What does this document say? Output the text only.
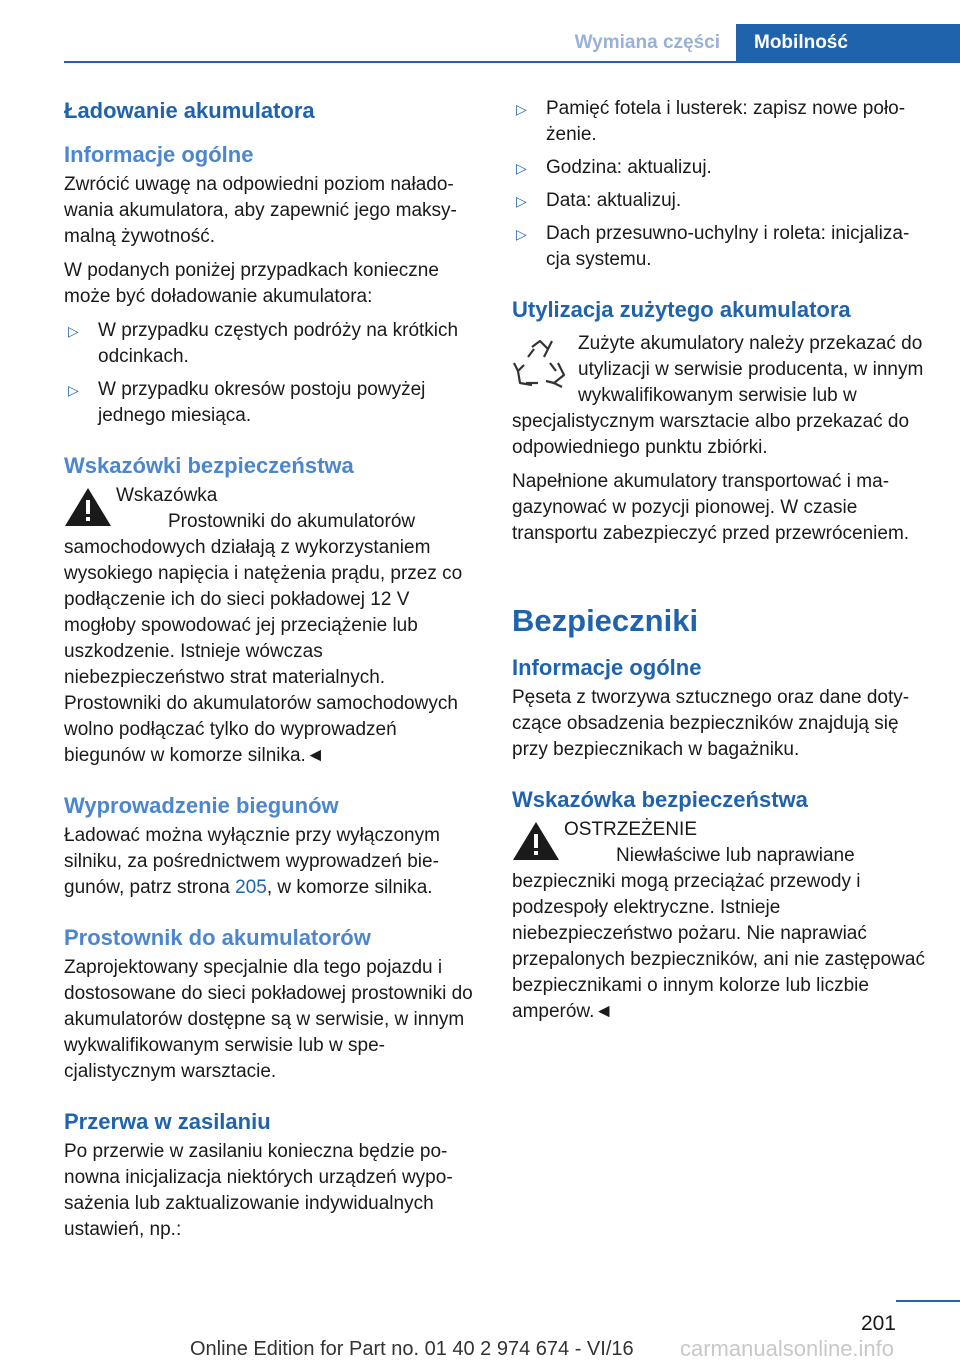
Wymiana części	Mobilność
Ładowanie akumulatora
Informacje ogólne

Zwrócić uwagę na odpowiedni poziom naładowania akumulatora, aby zapewnić jego maksymalną żywotność.

W podanych poniżej przypadkach konieczne może być doładowanie akumulatora:

▷ W przypadku częstych podróży na krótkich odcinkach.
▷ W przypadku okresów postoju powyżej jednego miesiąca.
Wskazówki bezpieczeństwa
Wskazówka

Prostowniki do akumulatorów samochodowych działają z wykorzystaniem wysokiego napięcia i natężenia prądu, przez co podłączenie ich do sieci pokładowej 12 V mogłoby spowodować jej przeciążenie lub uszkodzenie. Istnieje wówczas niebezpieczeństwo strat materialnych. Prostowniki do akumulatorów samochodowych wolno podłączać tylko do wyprowadzeń biegunów w komorze silnika.◄

Wyprowadzenie biegunów

Ładować można wyłącznie przy wyłączonym silniku, za pośrednictwem wyprowadzeń biegunów, patrz strona 205, w komorze silnika.

Prostownik do akumulatorów

Zaprojektowany specjalnie dla tego pojazdu i dostosowane do sieci pokładowej prostowniki do akumulatorów dostępne są w serwisie, w innym wykwalifikowanym serwisie lub w specjalistycznym warsztacie.

Przerwa w zasilaniu

Po przerwie w zasilaniu konieczna będzie ponowna inicjalizacja niektórych urządzeń wyposażenia lub zaktualizowanie indywidualnych ustawień, np.:

▷ Pamięć fotela i lusterek: zapisz nowe położenie.
▷ Godzina: aktualizuj.
▷ Data: aktualizuj.
▷ Dach przesuwno-uchylny i roleta: inicjalizacja systemu.
Utylizacja zużytego akumulatora

Zużyte akumulatory należy przekazać do utylizacji w serwisie producenta, w innym wykwalifikowanym serwisie lub w specjalistycznym warsztacie albo przekazać do odpowiedniego punktu zbiórki.

Napełnione akumulatory transportować i magazynować w pozycji pionowej. W czasie transportu zabezpieczyć przed przewróceniem.

Bezpieczniki
Informacje ogólne

Pęseta z tworzywa sztucznego oraz dane dotyczące obsadzenia bezpieczników znajdują się przy bezpiecznikach w bagażniku.

Wskazówka bezpieczeństwa
OSTRZEŻENIE

Niewłaściwe lub naprawiane bezpieczniki mogą przeciążać przewody i podzespoły elektryczne. Istnieje niebezpieczeństwo pożaru. Nie naprawiać przepalonych bezpieczników, ani nie zastępować bezpiecznikami o innym kolorze lub liczbie amperów.◄

201
Online Edition for Part no. 01 40 2 974 674 - VI/16	carmanualsonline.info
